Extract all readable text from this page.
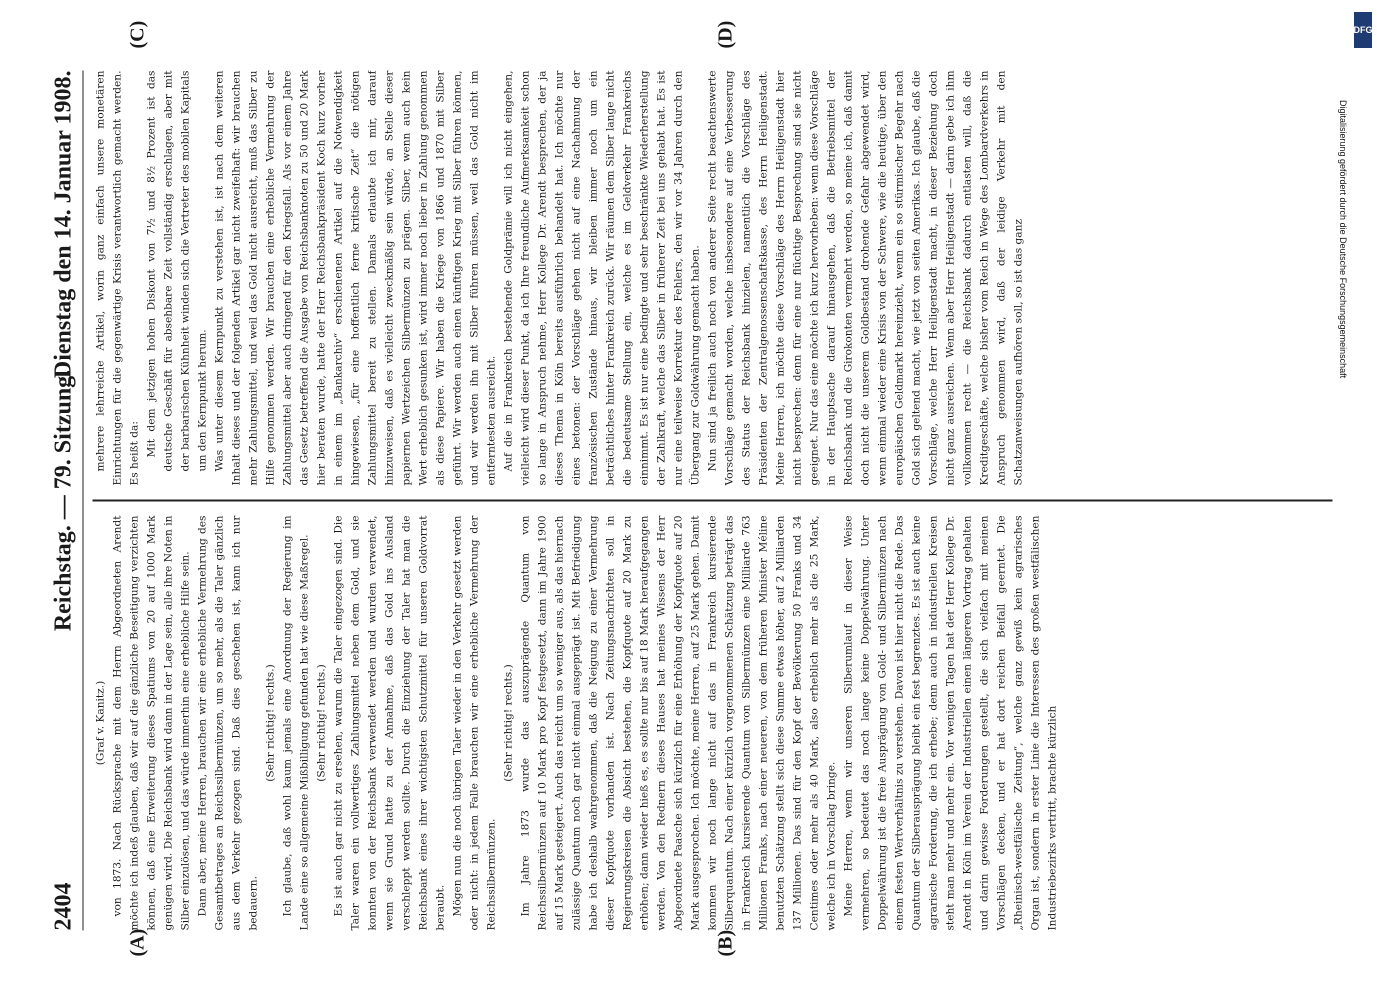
2404
Reichstag. — 79. Sitzung.
Dienstag den 14. Januar 1908.
(A)	(B)
(C)	(D)

(Graf v. Kanitz.) von 1873. Nach Rücksprache mit dem Herrn Abgeordneten Arendt möchte ich indeß glauben, daß wir auf die gänzliche Beseitigung verzichten können, daß eine Erweiterung dieses Spatiums von 20 auf 1000 Mark genügen wird. Die Reichsbank wird dann in der Lage sein, alle ihre Noten in Silber einzulösen, und das würde immerhin eine erhebliche Hilfe sein. Dann aber, meine Herren, brauchen wir eine erhebliche Vermehrung des Gesamtbetrages an Reichssilbermünzen, um so mehr, als die Taler gänzlich aus dem Verkehr gezogen sind. Daß dies geschehen ist, kann ich nur bedauern.

(Sehr richtig! rechts.) Ich glaube, daß wohl kaum jemals eine Anordnung der Regierung im Lande eine so allgemeine Mißbilligung gefunden hat wie diese Maßregel. (Sehr richtig! rechts.) Es ist auch gar nicht zu ersehen, warum die Taler eingezogen sind. Die Taler waren ein vollwertiges Zahlungsmittel neben dem Gold, und sie konnten von der Reichsbank verwendet werden und wurden verwendet, wenn sie Grund hatte zu der Annahme, daß das Gold ins Ausland verschleppt werden sollte. Durch die Einziehung der Taler hat man die Reichsbank eines ihrer wichtigsten Schutzmittel für unseren Goldvorrat beraubt. Mögen nun die noch übrigen Taler wieder in den Verkehr gesetzt werden oder nicht: in jedem Falle brauchen wir eine erhebliche Vermehrung der Reichssilbermünzen.

(Sehr richtig! rechts.) Im Jahre 1873 wurde das auszuprägende Quantum von Reichssilbermünzen auf 10 Mark pro Kopf festgesetzt, dann im Jahre 1900 auf 15 Mark gesteigert. Auch das reicht um so weniger aus, als das hiernach zulässige Quantum noch gar nicht einmal ausgeprägt ist. Mit Befriedigung habe ich deshalb wahrgenommen, daß die Neigung zu einer Vermehrung dieser Kopfquote vorhanden ist. Nach Zeitungsnachrichten soll in Regierungskreisen die Absicht bestehen, die Kopfquote auf 20 Mark zu erhöhen; dann wieder hieß es, es sollte nur bis auf 18 Mark heraufgegangen werden. Von den Rednern dieses Hauses hat meines Wissens der Herr Abgeordnete Paasche sich kürzlich für eine Erhöhung der Kopfquote auf 20 Mark ausgesprochen. Ich möchte, meine Herren, auf 25 Mark gehen. Damit kommen wir noch lange nicht auf das in Frankreich kursierende Silberquantum. Nach einer kürzlich vorgenommenen Schätzung beträgt das in Frankreich kursierende Quantum von Silbermünzen eine Milliarde 763 Millionen Franks, nach einer neueren, von dem früheren Minister Méline benutzten Schätzung stellt sich diese Summe etwas höher, auf 2 Milliarden 137 Millionen. Das sind für den Kopf der Bevölkerung 50 Franks und 34 Centimes oder mehr als 40 Mark, also erheblich mehr als die 25 Mark, welche ich in Vorschlag bringe. Meine Herren, wenn wir unseren Silberumlauf in dieser Weise vermehren, so bedeutet das noch lange keine Doppelwährung. Unter Doppelwährung ist die freie Ausprägung von Gold- und Silbermünzen nach einem festen Wertverhältnis zu verstehen. Davon ist hier nicht die Rede. Das Quantum der Silberausprägung bleibt ein fest begrenztes. Es ist auch keine agrarische Forderung, die ich erhebe; denn auch in industriellen Kreisen steht man mehr und mehr ein. Vor wenigen Tagen hat der Herr Kollege Dr. Arendt in Köln im Verein der Industriellen einen längeren Vortrag gehalten und darin gewisse Forderungen gestellt, die sich vielfach mit meinen Vorschlägen decken, und er hat dort reichen Beifall geerntet. Die „Rheinisch-westfälische Zeitung“, welche ganz gewiß kein agrarisches Organ ist, sondern in erster Linie die Interessen des großen westfälischen Industriebezirks vertritt, brachte kürzlich

mehrere lehrreiche Artikel, worin ganz einfach unsere monetären Einrichtungen für die gegenwärtige Krisis verantwortlich gemacht werden. Es heißt da: Mit dem jetzigen hohen Diskont von 7½ und 8½ Prozent ist das deutsche Geschäft für absehbare Zeit vollständig erschlagen, aber mit der barbarischen Kühnheit winden sich die Vertreter des mobilen Kapitals um den Kernpunkt herum. Was unter diesem Kernpunkt zu verstehen ist, ist nach dem weiteren Inhalt dieses und der folgenden Artikel gar nicht zweifelhaft: wir brauchen mehr Zahlungsmittel, und weil das Gold nicht ausreicht, muß das Silber zu Hilfe genommen werden. Wir brauchen eine erhebliche Vermehrung der Zahlungsmittel aber auch dringend für den Kriegsfall. Als vor einem Jahre das Gesetz betreffend die Ausgabe von Reichsbanknoten zu 50 und 20 Mark hier beraten wurde, hatte der Herr Reichsbankpräsident Koch kurz vorher in einem im „Bankarchiv“ erschienenen Artikel auf die Notwendigkeit hingewiesen, „für eine hoffentlich ferne kritische Zeit“ die nötigen Zahlungsmittel bereit zu stellen. Damals erlaubte ich mir, darauf hinzuweisen, daß es vielleicht zweckmäßig sein würde, an Stelle dieser papiernen Wertzeichen Silbermünzen zu prägen. Silber, wenn auch kein Wert erheblich gesunken ist, wird immer noch lieber in Zahlung genommen als diese Papiere. Wir haben die Kriege von 1866 und 1870 mit Silber geführt. Wir werden auch einen künftigen Krieg mit Silber führen können, und wir werden ihn mit Silber führen müssen, weil das Gold nicht im entferntesten ausreicht. Auf die in Frankreich bestehende Goldprämie will ich nicht eingehen, vielleicht wird dieser Punkt, da ich Ihre freundliche Aufmerksamkeit schon so lange in Anspruch nehme, Herr Kollege Dr. Arendt besprechen, der ja dieses Thema in Köln bereits ausführlich behandelt hat. Ich möchte nur eines betonen: der Vorschläge gehen nicht auf eine Nachahmung der französischen Zustände hinaus, wir bleiben immer noch um ein beträchtliches hinter Frankreich zurück. Wir räumen dem Silber lange nicht die bedeutsame Stellung ein, welche es im Geldverkehr Frankreichs einnimmt. Es ist nur eine bedingte und sehr beschränkte Wiederherstellung der Zahlkraft, welche das Silber in früherer Zeit bei uns gehabt hat. Es ist nur eine teilweise Korrektur des Fehlers, den wir vor 34 Jahren durch den Übergang zur Goldwährung gemacht haben. Nun sind ja freilich auch noch von anderer Seite recht beachtenswerte Vorschläge gemacht worden, welche insbesondere auf eine Verbesserung des Status der Reichsbank hinzielen, namentlich die Vorschläge des Präsidenten der Zentralgenossenschaftskasse, des Herrn Heiligenstadt. Meine Herren, ich möchte diese Vorschläge des Herrn Heiligenstadt hier nicht besprechen: denn für eine nur flüchtige Besprechung sind sie nicht geeignet. Nur das eine möchte ich kurz hervorheben: wenn diese Vorschläge in der Hauptsache darauf hinausgehen, daß die Betriebsmittel der Reichsbank und die Girokonten vermehrt werden, so meine ich, daß damit doch nicht die unserem Goldbestand drohende Gefahr abgewendet wird, wenn einmal wieder eine Krisis von der Schwere, wie die heutige, über den europäischen Geldmarkt hereinzieht, wenn ein so stürmischer Begehr nach Gold sich geltend macht, wie jetzt von seiten Amerikas. Ich glaube, daß die Vorschläge, welche Herr Heiligenstadt macht, in dieser Beziehung doch nicht ganz ausreichen. Wenn aber Herr Heiligenstadt — darin gebe ich ihm vollkommen recht — die Reichsbank dadurch entlasten will, daß die Kreditgeschäfte, welche bisher vom Reich in Wege des Lombardverkehrs in Anspruch genommen wird, daß der leidige Verkehr mit den Schatzanweisungen aufhören soll, so ist das ganz	Digitalisierung gefördert durch die Deutsche Forschungsgemeinschaft
DFG
